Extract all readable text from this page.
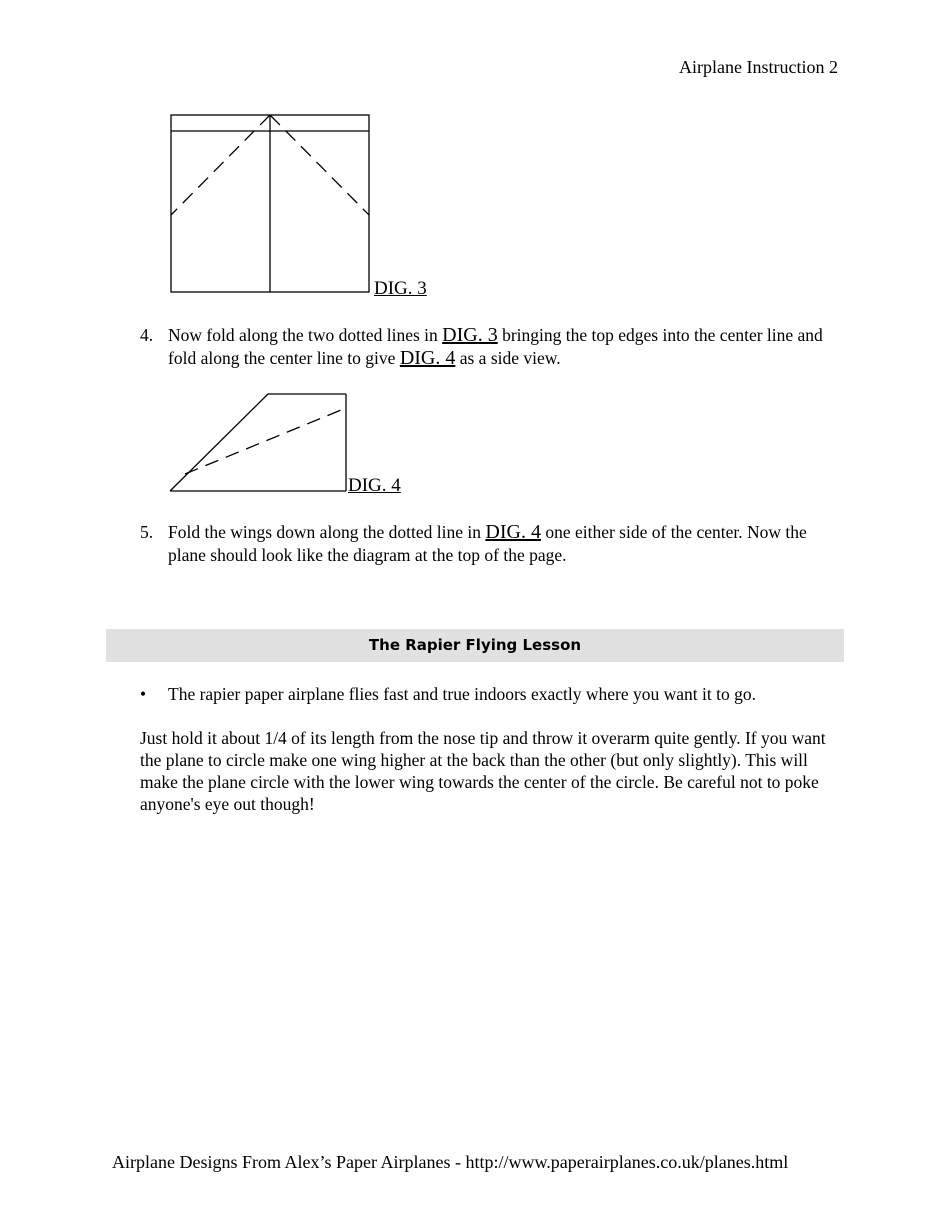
Airplane Instruction 2
DIG. 3
4. Now fold along the two dotted lines in DIG. 3 bringing the top edges into the center line and fold along the center line to give DIG. 4 as a side view.
DIG. 4
5. Fold the wings down along the dotted line in DIG. 4 one either side of the center. Now the plane should look like the diagram at the top of the page.
The Rapier Flying Lesson
• The rapier paper airplane flies fast and true indoors exactly where you want it to go.
Just hold it about 1/4 of its length from the nose tip and throw it overarm quite gently. If you want the plane to circle make one wing higher at the back than the other (but only slightly). This will make the plane circle with the lower wing towards the center of the circle. Be careful not to poke anyone's eye out though!
Airplane Designs From Alex’s Paper Airplanes - http://www.paperairplanes.co.uk/planes.html
